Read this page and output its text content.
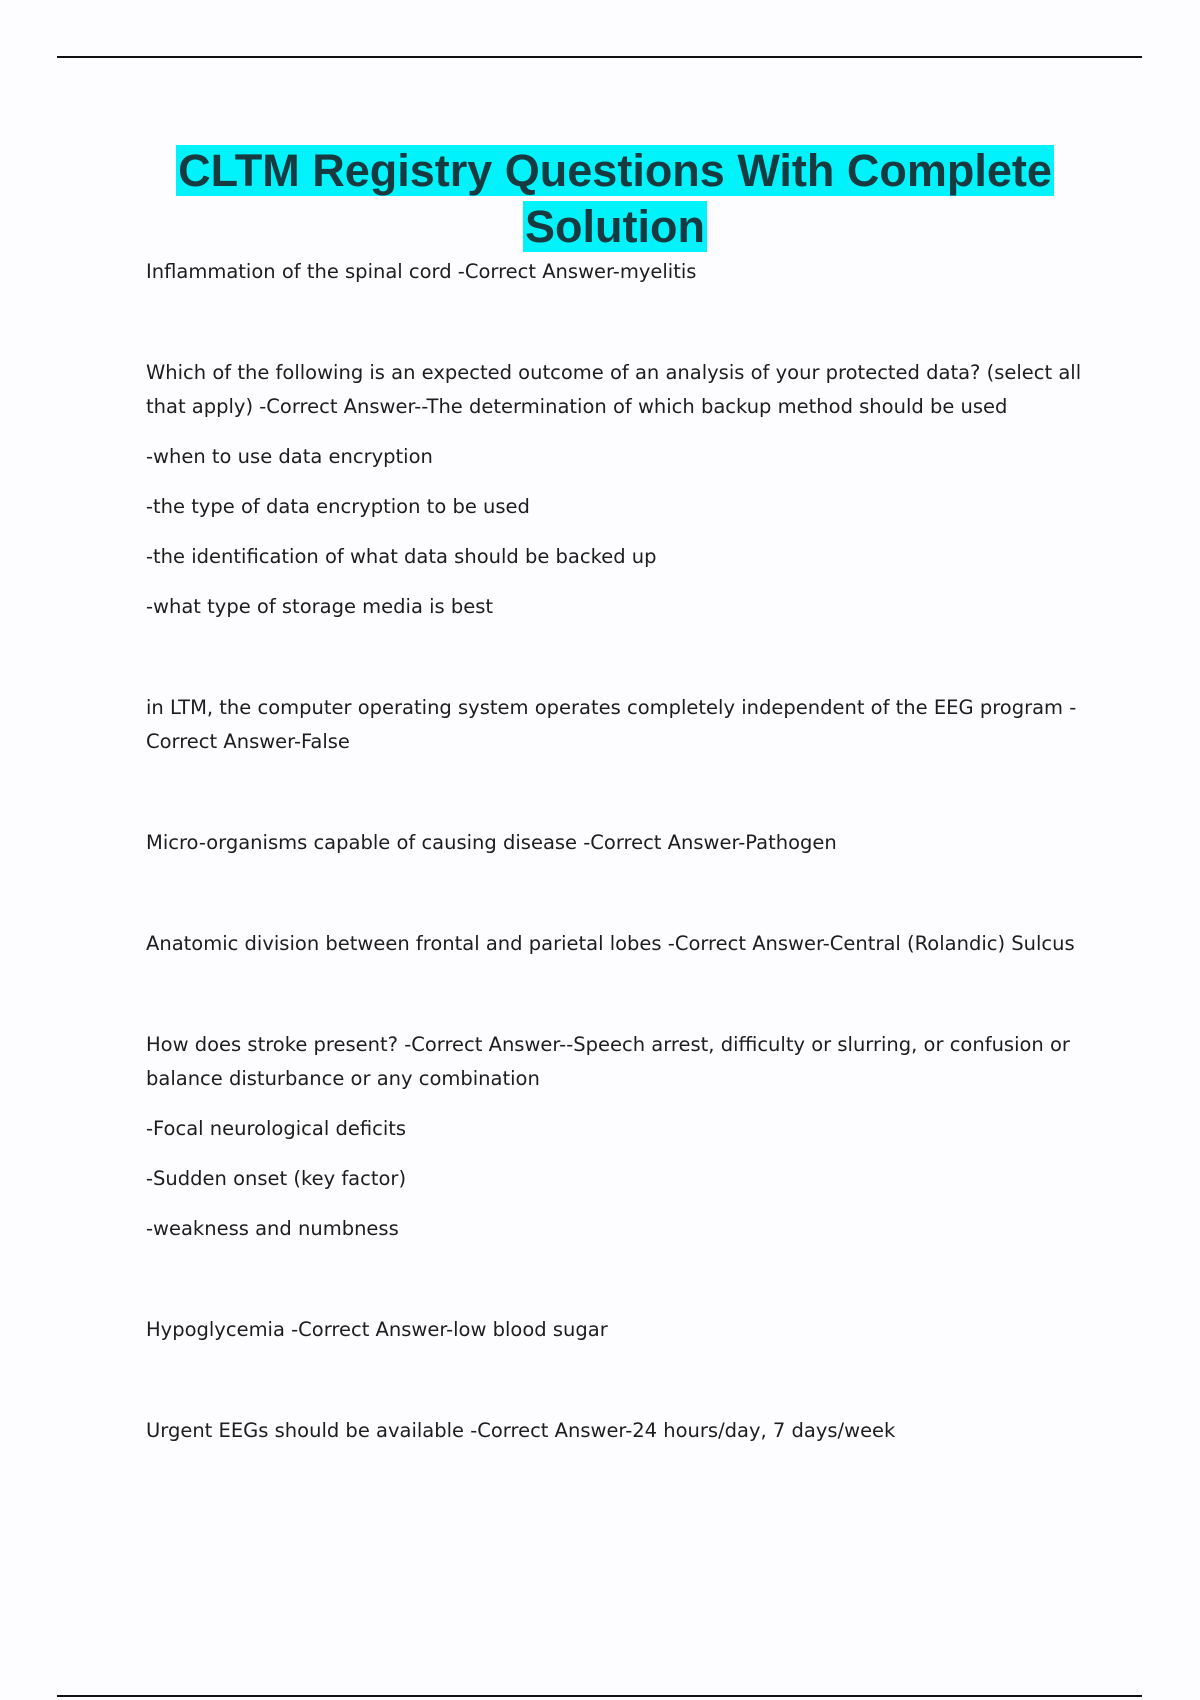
CLTM Registry Questions With Complete Solution

Inflammation of the spinal cord -Correct Answer-myelitis

Which of the following is an expected outcome of an analysis of your protected data? (select all that apply) -Correct Answer--The determination of which backup method should be used

-when to use data encryption

-the type of data encryption to be used

-the identification of what data should be backed up

-what type of storage media is best

in LTM, the computer operating system operates completely independent of the EEG program -Correct Answer-False

Micro-organisms capable of causing disease -Correct Answer-Pathogen

Anatomic division between frontal and parietal lobes -Correct Answer-Central (Rolandic) Sulcus

How does stroke present? -Correct Answer--Speech arrest, difficulty or slurring, or confusion or balance disturbance or any combination

-Focal neurological deficits

-Sudden onset (key factor)

-weakness and numbness

Hypoglycemia -Correct Answer-low blood sugar

Urgent EEGs should be available -Correct Answer-24 hours/day, 7 days/week
